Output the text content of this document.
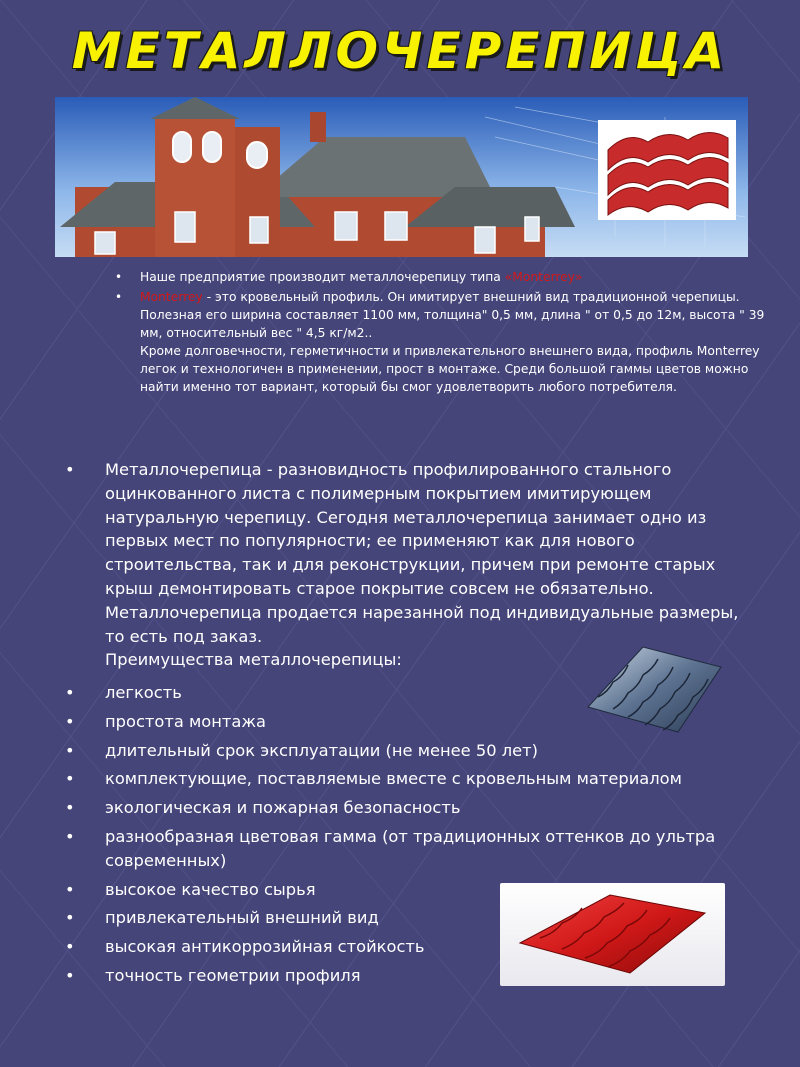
МЕТАЛЛОЧЕРЕПИЦА
• Наше предприятие производит металлочерепицу типа «Monterrey»
• Monterrey - это кровельный профиль. Он имитирует внешний вид традиционной черепицы. Полезная его ширина составляет 1100 мм, толщина" 0,5 мм, длина " от 0,5 до 12м, высота " 39 мм, относительный вес " 4,5 кг/м2..
Кроме долговечности, герметичности и привлекательного внешнего вида, профиль Monterrey легок и технологичен в применении, прост в монтаже. Среди большой гаммы цветов можно найти именно тот вариант, который бы смог удовлетворить любого потребителя.

•	Металлочерепица - разновидность профилированного стального оцинкованного листа с полимерным покрытием имитирующем натуральную черепицу. Сегодня металлочерепица занимает одно из первых мест по популярности; ее применяют как для нового строительства, так и для реконструкции, причем при ремонте старых крыш демонтировать старое покрытие совсем не обязательно. Металлочерепица продается нарезанной под индивидуальные размеры, то есть под заказ.
Преимущества металлочерепицы:

• легкость
• простота монтажа
• длительный срок эксплуатации (не менее 50 лет)
• комплектующие, поставляемые вместе с кровельным материалом
• экологическая и пожарная безопасность
• разнообразная цветовая гамма (от традиционных оттенков до ультра современных)
• высокое качество сырья
• привлекательный внешний вид
• высокая антикоррозийная стойкость
• точность геометрии профиля
